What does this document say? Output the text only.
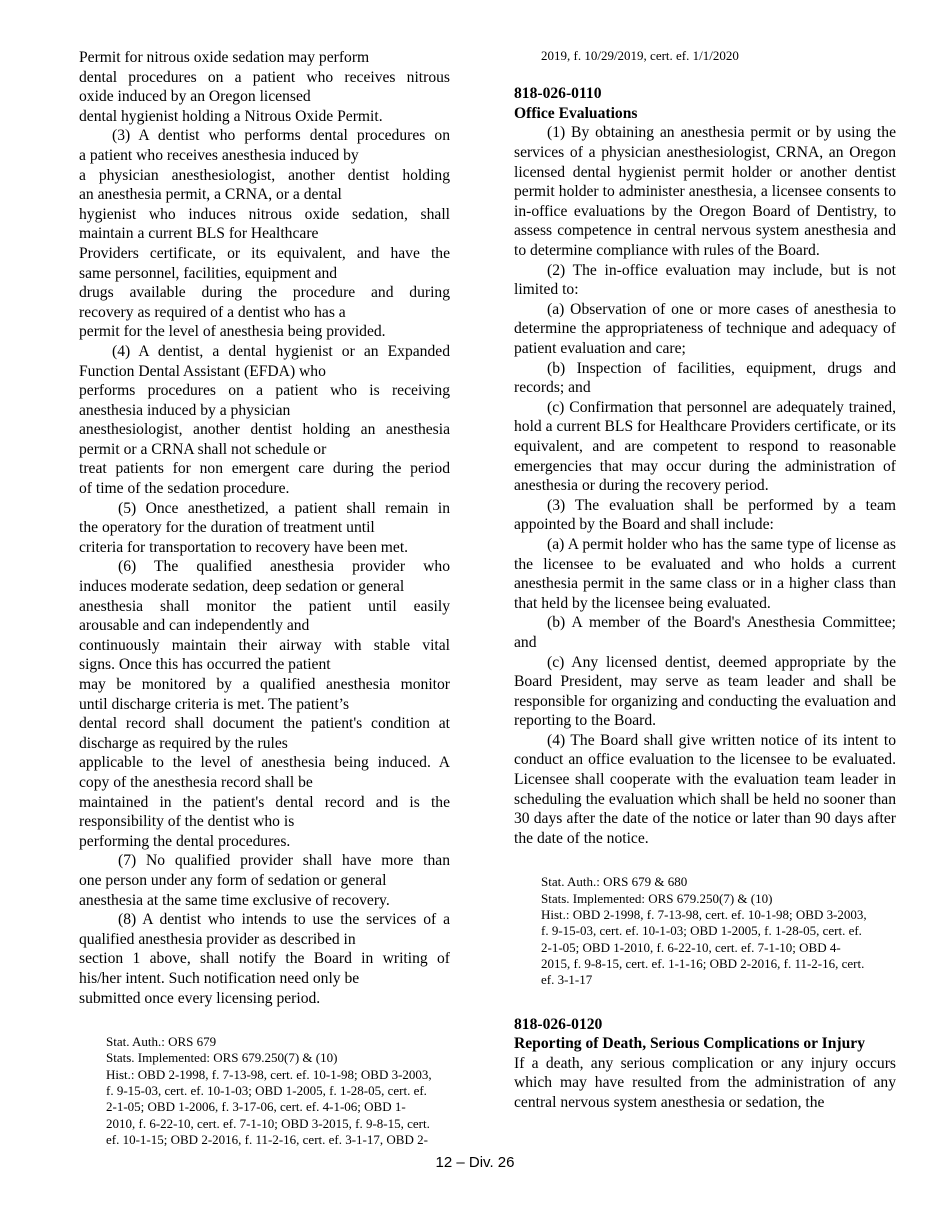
Permit for nitrous oxide sedation may perform
dental procedures on a patient who receives nitrous
oxide induced by an Oregon licensed
dental hygienist holding a Nitrous Oxide Permit.
(3) A dentist who performs dental procedures on
a patient who receives anesthesia induced by
a physician anesthesiologist, another dentist holding
an anesthesia permit, a CRNA, or a dental
hygienist who induces nitrous oxide sedation, shall
maintain a current BLS for Healthcare
Providers certificate, or its equivalent, and have the
same personnel, facilities, equipment and
drugs available during the procedure and during
recovery as required of a dentist who has a
permit for the level of anesthesia being provided.
(4) A dentist, a dental hygienist or an Expanded
Function Dental Assistant (EFDA) who
performs procedures on a patient who is receiving
anesthesia induced by a physician
anesthesiologist, another dentist holding an anesthesia
permit or a CRNA shall not schedule or
treat patients for non emergent care during the period
of time of the sedation procedure.
(5) Once anesthetized, a patient shall remain in
the operatory for the duration of treatment until
criteria for transportation to recovery have been met.
(6) The qualified anesthesia provider who
induces moderate sedation, deep sedation or general
anesthesia shall monitor the patient until easily
arousable and can independently and
continuously maintain their airway with stable vital
signs. Once this has occurred the patient
may be monitored by a qualified anesthesia monitor
until discharge criteria is met. The patient’s
dental record shall document the patient's condition at
discharge as required by the rules
applicable to the level of anesthesia being induced. A
copy of the anesthesia record shall be
maintained in the patient's dental record and is the
responsibility of the dentist who is
performing the dental procedures.
(7) No qualified provider shall have more than
one person under any form of sedation or general
anesthesia at the same time exclusive of recovery.
(8) A dentist who intends to use the services of a
qualified anesthesia provider as described in
section 1 above, shall notify the Board in writing of
his/her intent. Such notification need only be
submitted once every licensing period.
Stat. Auth.: ORS 679
Stats. Implemented: ORS 679.250(7) & (10)
Hist.: OBD 2-1998, f. 7-13-98, cert. ef. 10-1-98; OBD 3-2003,
f. 9-15-03, cert. ef. 10-1-03; OBD 1-2005, f. 1-28-05, cert. ef.
2-1-05; OBD 1-2006, f. 3-17-06, cert. ef. 4-1-06; OBD 1-
2010, f. 6-22-10, cert. ef. 7-1-10; OBD 3-2015, f. 9-8-15, cert.
ef. 10-1-15; OBD 2-2016, f. 11-2-16, cert. ef. 3-1-17, OBD 2-
2019, f. 10/29/2019, cert. ef. 1/1/2020

818-026-0110

Office Evaluations

(1) By obtaining an anesthesia permit or by using the services of a physician anesthesiologist, CRNA, an Oregon licensed dental hygienist permit holder or another dentist permit holder to administer anesthesia, a licensee consents to in-office evaluations by the Oregon Board of Dentistry, to assess competence in central nervous system anesthesia and to determine compliance with rules of the Board.

(2) The in-office evaluation may include, but is not limited to:

(a) Observation of one or more cases of anesthesia to determine the appropriateness of technique and adequacy of patient evaluation and care;

(b) Inspection of facilities, equipment, drugs and records; and

(c) Confirmation that personnel are adequately trained, hold a current BLS for Healthcare Providers certificate, or its equivalent, and are competent to respond to reasonable emergencies that may occur during the administration of anesthesia or during the recovery period.

(3) The evaluation shall be performed by a team appointed by the Board and shall include:

(a) A permit holder who has the same type of license as the licensee to be evaluated and who holds a current anesthesia permit in the same class or in a higher class than that held by the licensee being evaluated.

(b) A member of the Board's Anesthesia Committee; and

(c) Any licensed dentist, deemed appropriate by the Board President, may serve as team leader and shall be responsible for organizing and conducting the evaluation and reporting to the Board.

(4) The Board shall give written notice of its intent to conduct an office evaluation to the licensee to be evaluated. Licensee shall cooperate with the evaluation team leader in scheduling the evaluation which shall be held no sooner than 30 days after the date of the notice or later than 90 days after the date of the notice.

Stat. Auth.: ORS 679 & 680
Stats. Implemented: ORS 679.250(7) & (10)
Hist.: OBD 2-1998, f. 7-13-98, cert. ef. 10-1-98; OBD 3-2003,
f. 9-15-03, cert. ef. 10-1-03; OBD 1-2005, f. 1-28-05, cert. ef.
2-1-05; OBD 1-2010, f. 6-22-10, cert. ef. 7-1-10; OBD 4-
2015, f. 9-8-15, cert. ef. 1-1-16; OBD 2-2016, f. 11-2-16, cert.
ef. 3-1-17

818-026-0120

Reporting of Death, Serious Complications or Injury

If a death, any serious complication or any injury occurs which may have resulted from the administration of any central nervous system anesthesia or sedation, the

12 – Div. 26
